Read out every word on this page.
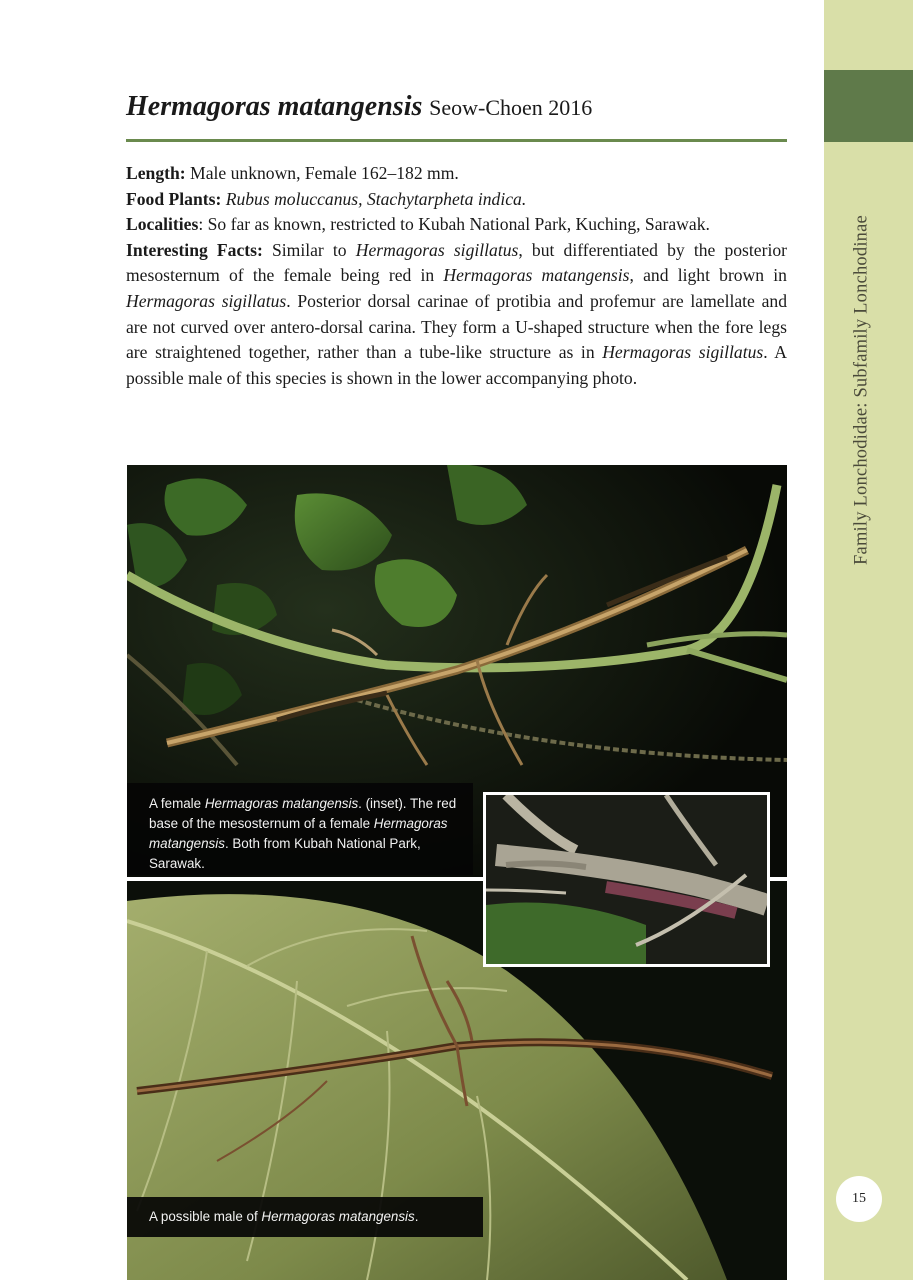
Family Lonchodidae: Subfamily Lonchodinae
15
Hermagoras matangensis Seow-Choen 2016

Length: Male unknown, Female 162–182 mm.

Food Plants: Rubus moluccanus, Stachytarpheta indica.

Localities: So far as known, restricted to Kubah National Park, Kuching, Sarawak.

Interesting Facts: Similar to Hermagoras sigillatus, but differentiated by the posterior mesosternum of the female being red in Hermagoras matangensis, and light brown in Hermagoras sigillatus. Posterior dorsal carinae of protibia and profemur are lamellate and are not curved over antero-dorsal carina. They form a U-shaped structure when the fore legs are straightened together, rather than a tube-like structure as in Hermagoras sigillatus. A possible male of this species is shown in the lower accompanying photo.

A female Hermagoras matangensis. (inset). The red base of the mesosternum of a female Hermagoras matangensis. Both from Kubah National Park, Sarawak.
A possible male of Hermagoras matangensis.
